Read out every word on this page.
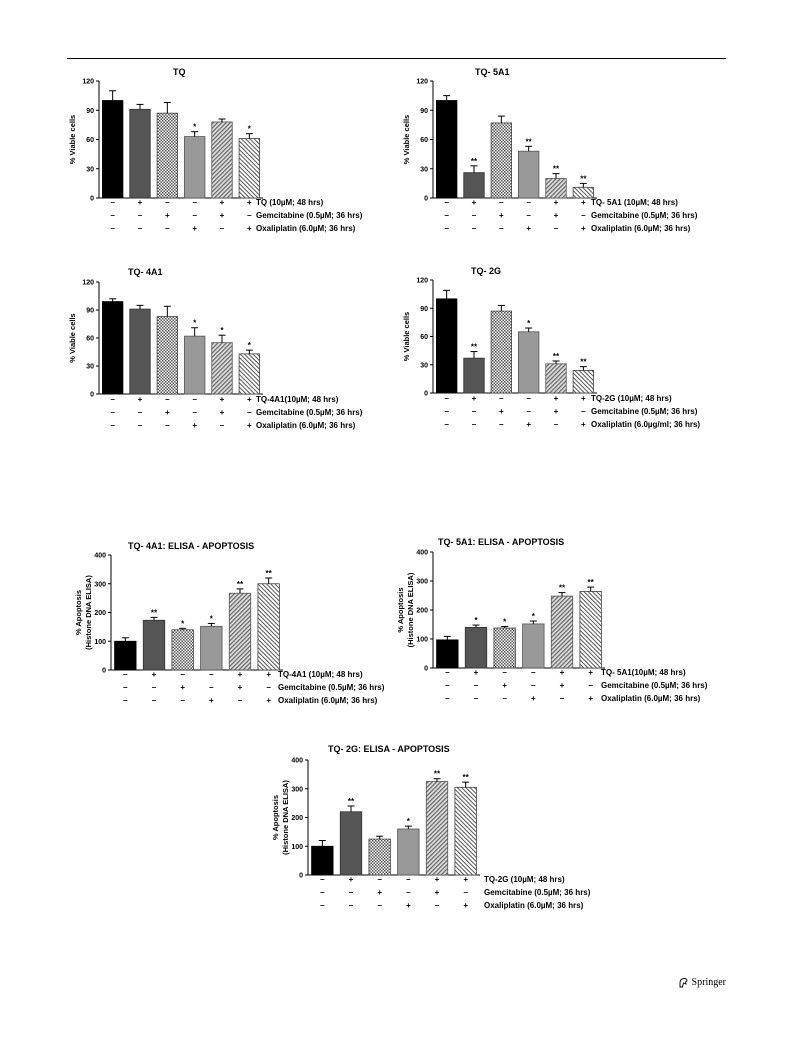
TQ
0
30
60
90
120
% Viable cells	*	*
–	+	–	–	+	+ TQ (10µM; 48 hrs)
–	–	+	–	+	– Gemcitabine (0.5µM; 36 hrs)
–	–	–	+	–	+ Oxaliplatin (6.0µM; 36 hrs)
TQ- 5A1
0
30
60
90
120
% Viable cells	**
**
**
**
–	+	–	–	+	+ TQ- 5A1 (10µM; 48 hrs)
–	–	+	–	+	– Gemcitabine (0.5µM; 36 hrs)
–	–	–	+	–	+ Oxaliplatin (6.0µM; 36 hrs)
TQ- 4A1
0
30
60
90
120
% Viable cells	*
*
*
–	+	–	–	+	+ TQ-4A1(10µM; 48 hrs)
–	–	+	–	+	– Gemcitabine (0.5µM; 36 hrs)
–	–	–	+	–	+ Oxaliplatin (6.0µM; 36 hrs)
TQ- 2G
0
30
60
90
120
% Viable cells	**
*
**
**
–	+	–	–	+	+ TQ-2G (10µM; 48 hrs)
–	–	+	–	+	– Gemcitabine (0.5µM; 36 hrs)
–	–	–	+	–	+ Oxaliplatin (6.0µg/ml; 36 hrs)
TQ- 4A1: ELISA - APOPTOSIS
0
100
200
300
400
% Apoptosis (Histone DNA ELISA)	**
*
*
**
**
–	+	–	–	+	+ TQ-4A1 (10µM; 48 hrs)
–	–	+	–	+	– Gemcitabine (0.5µM; 36 hrs)
–	–	–	+	–	+ Oxaliplatin (6.0µM; 36 hrs)
TQ- 5A1: ELISA - APOPTOSIS
0
100
200
300
400
% Apoptosis (Histone DNA ELISA)	*	*
*
**
**
–	+	–	–	+	+ TQ- 5A1(10µM; 48 hrs)
–	–	+	–	+	– Gemcitabine (0.5µM; 36 hrs)
–	–	–	+	–	+ Oxaliplatin (6.0µM; 36 hrs)
TQ- 2G: ELISA - APOPTOSIS
0
100
200
300
400
% Apoptosis (Histone DNA ELISA)	**
*
**	**
–	+	–	–	+	+ TQ-2G (10µM; 48 hrs)
–	–	+	–	+	– Gemcitabine (0.5µM; 36 hrs)
–	–	–	+	–	+ Oxaliplatin (6.0µM; 36 hrs)
Springer
